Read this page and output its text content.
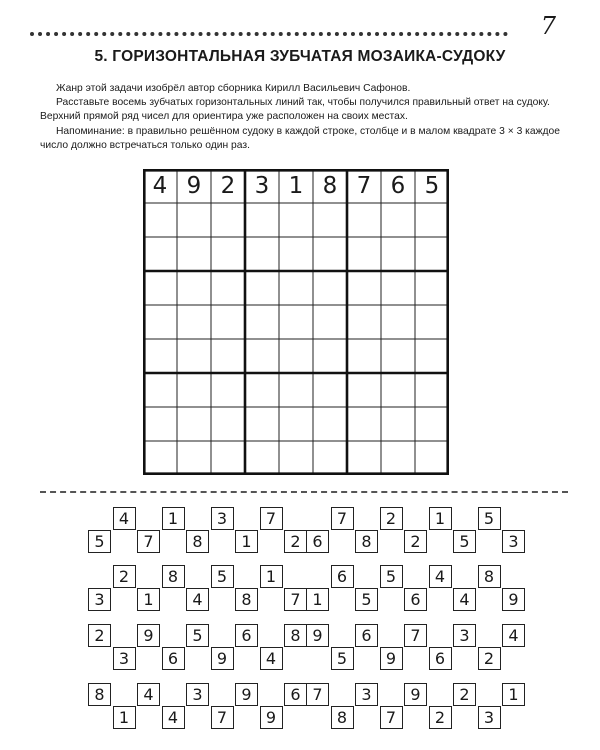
7
5. ГОРИЗОНТАЛЬНАЯ ЗУБЧАТАЯ МОЗАИКА-СУДОКУ

Жанр этой задачи изобрёл автор сборника Кирилл Васильевич Сафонов.

Расставьте восемь зубчатых горизонтальных линий так, чтобы получился правильный ответ на судоку. Верхний прямой ряд чисел для ориентира уже расположен на своих местах.

Напоминание: в правильно решённом судоку в каждой строке, столбце и в малом квадрате 3 × 3 каждое число должно встречаться только один раз.

4 9 2 3 1 8 7 6 5
4	1	3	7
5	7	8	1	2
7	2	1	5
6	8	2	5	3
2	8	5	1
3	1	4	8	7
6	5	4	8
1	5	6	4	9
2	9	5	6	8
3	6	9	4
9	6	7	3	4
5	9	6	2
8	4	3	9	6
1	4	7	9
7	3	9	2	1
8	7	2	3
